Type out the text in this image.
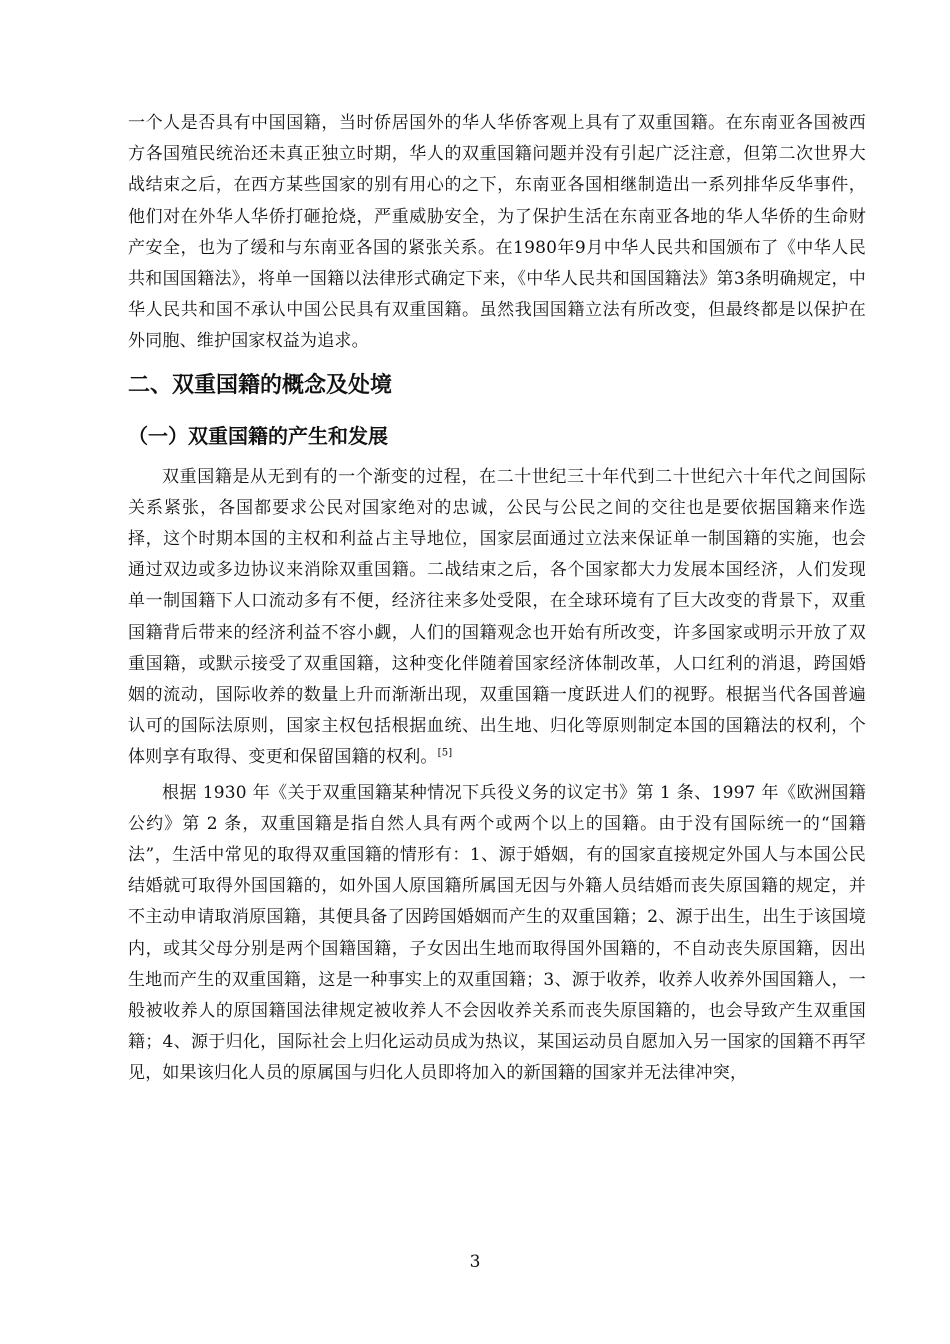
一个人是否具有中国国籍，当时侨居国外的华人华侨客观上具有了双重国籍。在东南亚各国被西方各国殖民统治还未真正独立时期，华人的双重国籍问题并没有引起广泛注意，但第二次世界大战结束之后，在西方某些国家的别有用心的之下，东南亚各国相继制造出一系列排华反华事件，他们对在外华人华侨打砸抢烧，严重威胁安全，为了保护生活在东南亚各地的华人华侨的生命财产安全，也为了缓和与东南亚各国的紧张关系。在1980年9月中华人民共和国颁布了《中华人民共和国国籍法》，将单一国籍以法律形式确定下来，《中华人民共和国国籍法》第3条明确规定，中华人民共和国不承认中国公民具有双重国籍。虽然我国国籍立法有所改变，但最终都是以保护在外同胞、维护国家权益为追求。

二、双重国籍的概念及处境
（一）双重国籍的产生和发展

双重国籍是从无到有的一个渐变的过程，在二十世纪三十年代到二十世纪六十年代之间国际关系紧张，各国都要求公民对国家绝对的忠诚，公民与公民之间的交往也是要依据国籍来作选择，这个时期本国的主权和利益占主导地位，国家层面通过立法来保证单一制国籍的实施，也会通过双边或多边协议来消除双重国籍。二战结束之后，各个国家都大力发展本国经济，人们发现单一制国籍下人口流动多有不便，经济往来多处受限，在全球环境有了巨大改变的背景下，双重国籍背后带来的经济利益不容小觑，人们的国籍观念也开始有所改变，许多国家或明示开放了双重国籍，或默示接受了双重国籍，这种变化伴随着国家经济体制改革，人口红利的消退，跨国婚姻的流动，国际收养的数量上升而渐渐出现，双重国籍一度跃进人们的视野。根据当代各国普遍认可的国际法原则，国家主权包括根据血统、出生地、归化等原则制定本国的国籍法的权利，个体则享有取得、变更和保留国籍的权利。[5]

根据 1930 年《关于双重国籍某种情况下兵役义务的议定书》第 1 条、1997 年《欧洲国籍公约》第 2 条，双重国籍是指自然人具有两个或两个以上的国籍。由于没有国际统一的“国籍法”，生活中常见的取得双重国籍的情形有：1、源于婚姻，有的国家直接规定外国人与本国公民结婚就可取得外国国籍的，如外国人原国籍所属国无因与外籍人员结婚而丧失原国籍的规定，并不主动申请取消原国籍，其便具备了因跨国婚姻而产生的双重国籍；2、源于出生，出生于该国境内，或其父母分别是两个国籍国籍，子女因出生地而取得国外国籍的，不自动丧失原国籍，因出生地而产生的双重国籍，这是一种事实上的双重国籍；3、源于收养，收养人收养外国国籍人，一般被收养人的原国籍国法律规定被收养人不会因收养关系而丧失原国籍的，也会导致产生双重国籍；4、源于归化，国际社会上归化运动员成为热议，某国运动员自愿加入另一国家的国籍不再罕见，如果该归化人员的原属国与归化人员即将加入的新国籍的国家并无法律冲突，

3
